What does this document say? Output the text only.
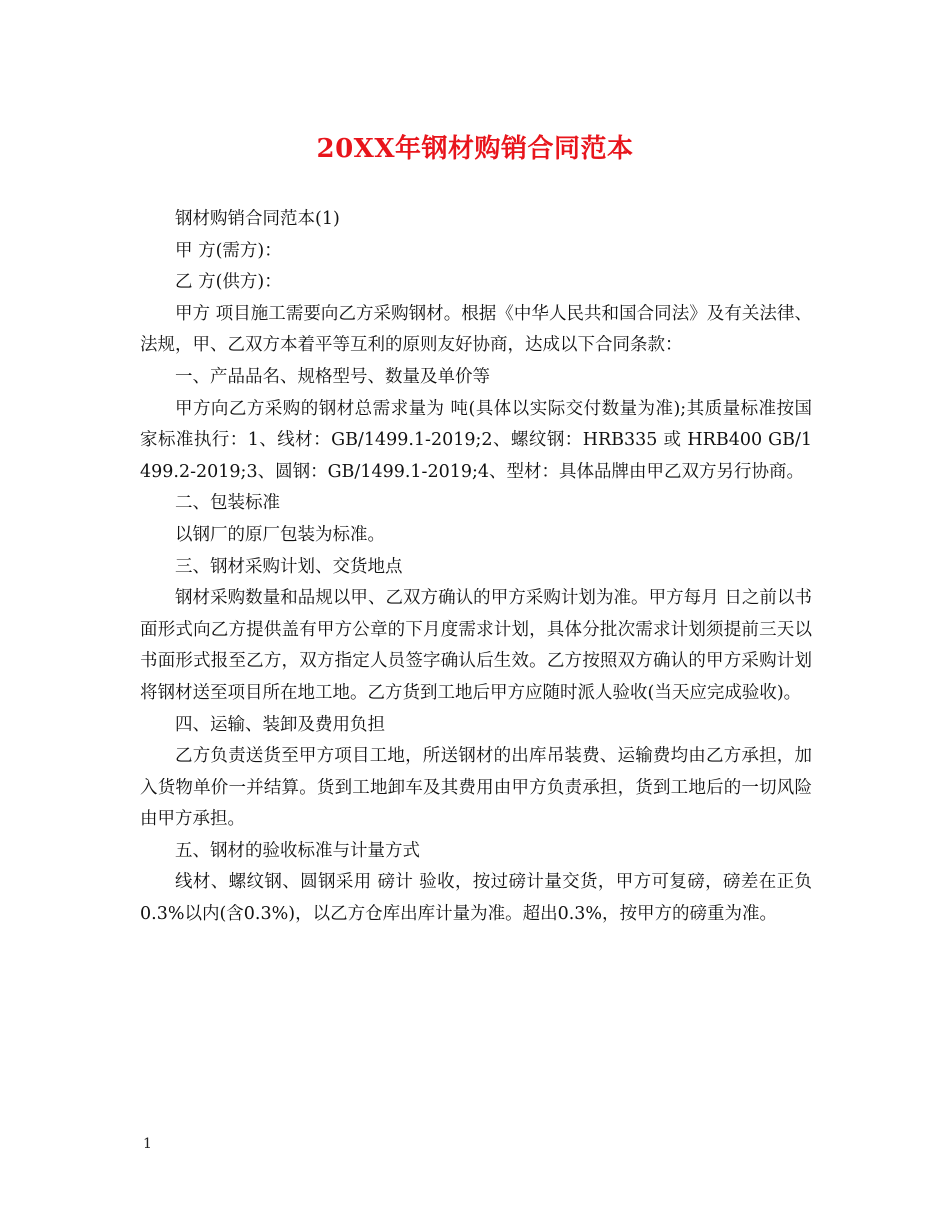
20XX年钢材购销合同范本

钢材购销合同范本(1)

甲 方(需方)：

乙 方(供方)：

甲方 项目施工需要向乙方采购钢材。根据《中华人民共和国合同法》及有关法律、法规，甲、乙双方本着平等互利的原则友好协商，达成以下合同条款：

一、产品品名、规格型号、数量及单价等

甲方向乙方采购的钢材总需求量为 吨(具体以实际交付数量为准);其质量标准按国家标准执行：1、线材：GB/1499.1-2019;2、螺纹钢：HRB335 或 HRB400 GB/1499.2-2019;3、圆钢：GB/1499.1-2019;4、型材：具体品牌由甲乙双方另行协商。

二、包装标准

以钢厂的原厂包装为标准。

三、钢材采购计划、交货地点

钢材采购数量和品规以甲、乙双方确认的甲方采购计划为准。甲方每月 日之前以书面形式向乙方提供盖有甲方公章的下月度需求计划，具体分批次需求计划须提前三天以书面形式报至乙方，双方指定人员签字确认后生效。乙方按照双方确认的甲方采购计划将钢材送至项目所在地工地。乙方货到工地后甲方应随时派人验收(当天应完成验收)。

四、运输、装卸及费用负担

乙方负责送货至甲方项目工地，所送钢材的出库吊装费、运输费均由乙方承担，加入货物单价一并结算。货到工地卸车及其费用由甲方负责承担，货到工地后的一切风险由甲方承担。

五、钢材的验收标准与计量方式

线材、螺纹钢、圆钢采用 磅计 验收，按过磅计量交货，甲方可复磅，磅差在正负0.3%以内(含0.3%)，以乙方仓库出库计量为准。超出0.3%，按甲方的磅重为准。

1
